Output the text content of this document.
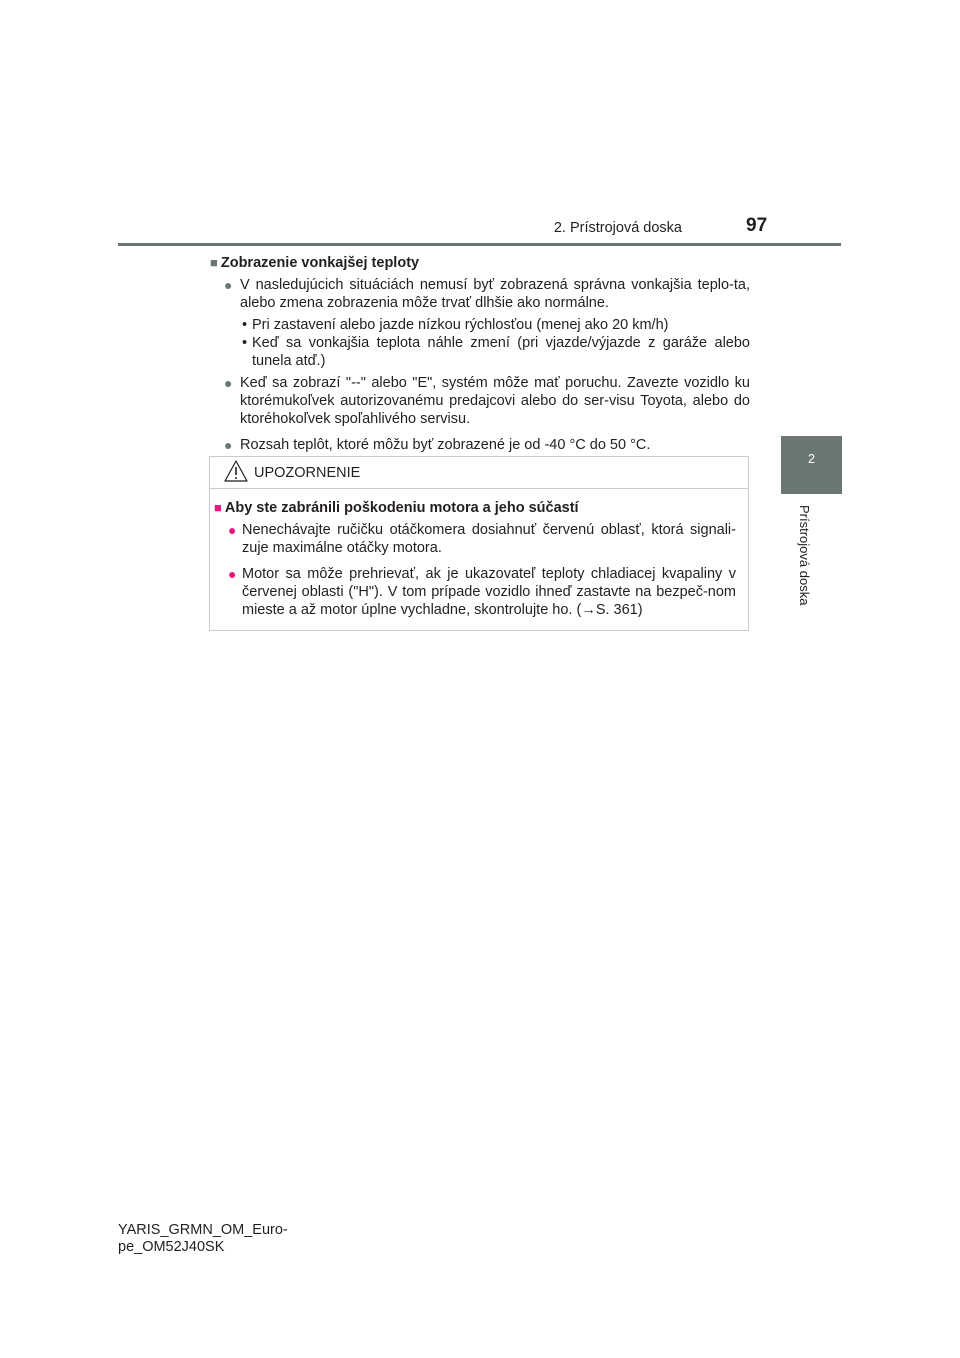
2. Prístrojová doska	97
2
Prístrojová doska
■ Zobrazenie vonkajšej teploty
● V nasledujúcich situáciách nemusí byť zobrazená správna vonkajšia teplo-ta, alebo zmena zobrazenia môže trvať dlhšie ako normálne.
• Pri zastavení alebo jazde nízkou rýchlosťou (menej ako 20 km/h)
• Keď sa vonkajšia teplota náhle zmení (pri vjazde/výjazde z garáže alebo tunela atď.)
● Keď sa zobrazí "--" alebo "E", systém môže mať poruchu. Zavezte vozidlo ku ktorémukoľvek autorizovanému predajcovi alebo do ser-visu Toyota, alebo do ktoréhokoľvek spoľahlivého servisu.
● Rozsah teplôt, ktoré môžu byť zobrazené je od -40 °C do 50 °C.
UPOZORNENIE
■ Aby ste zabránili poškodeniu motora a jeho súčastí
● Nenechávajte ručičku otáčkomera dosiahnuť červenú oblasť, ktorá signali-zuje maximálne otáčky motora.
● Motor sa môže prehrievať, ak je ukazovateľ teploty chladiacej kvapaliny v červenej oblasti ("H"). V tom prípade vozidlo ihneď zastavte na bezpeč-nom mieste a až motor úplne vychladne, skontrolujte ho. (→S. 361)
YARIS_GRMN_OM_Euro-
pe_OM52J40SK
